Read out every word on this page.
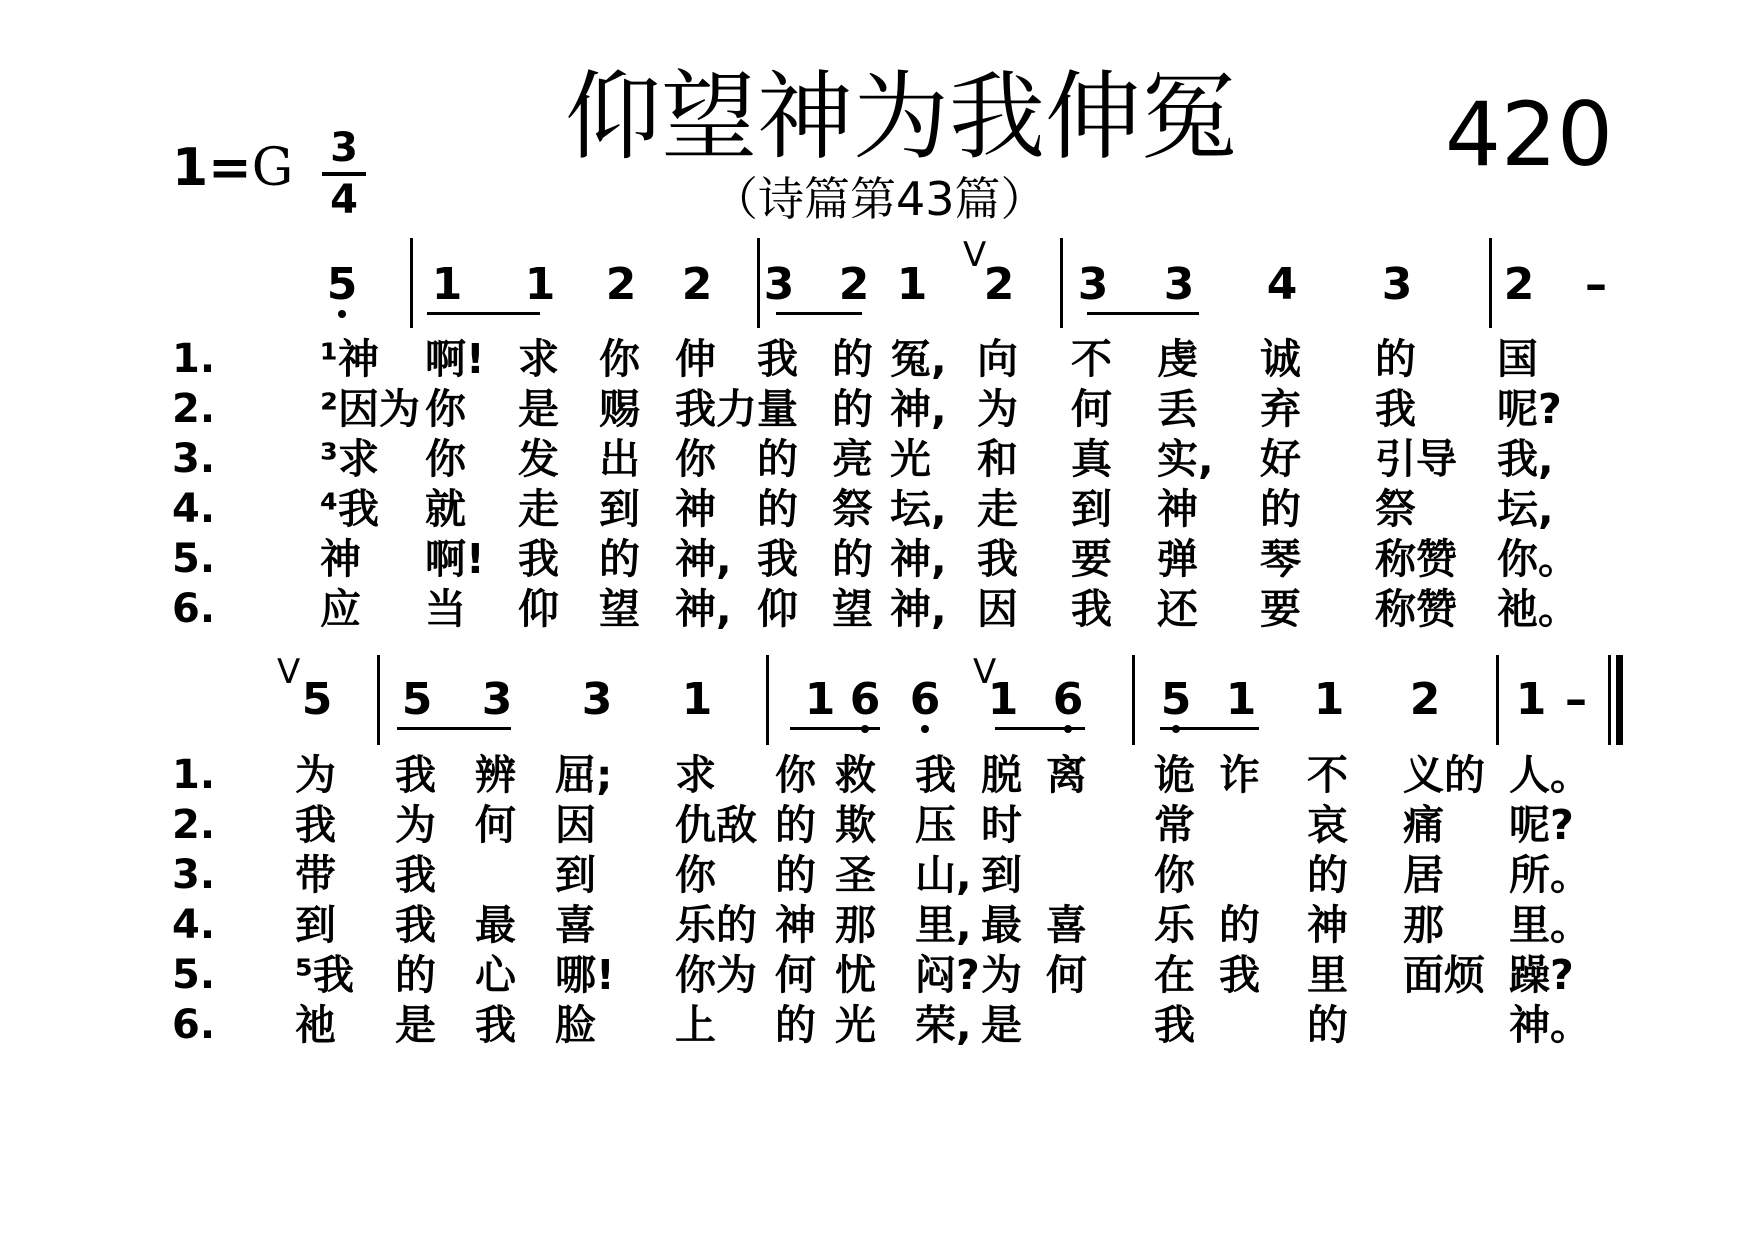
仰望神为我伸冤
（诗篇第43篇）
420
1=G 3
4
5 1 1 2 2 3 2 1 2 3 3 4 3 2 –
V
1.	¹神 啊! 求 你 伸 我 的 冤, 向 不 虔 诚 的 国
2.	²因为 你 是 赐 我力 量 的 神, 为 何 丢 弃 我 呢?
3.	³求 你 发 出 你 的 亮 光 和 真 实, 好 引导 我,
4.	⁴我 就 走 到 神 的 祭 坛, 走 到 神 的 祭 坛,
5.	神 啊! 我 的 神, 我 的 神, 我 要 弹 琴 称赞 你。
6.	应 当 仰 望 神, 仰 望 神, 因 我 还 要 称赞 祂。
5 5 3 3 1 1 6 6 1 6 5 1 1 2 1 –
V	V
1. 为 我 辨 屈; 求 你 救 我 脱 离 诡 诈 不 义的 人。
2. 我 为 何 因 仇敌 的 欺 压 时	常	哀 痛 呢?
3. 带 我	到 你 的 圣 山, 到	你	的 居 所。
4. 到 我 最 喜 乐的 神 那 里, 最 喜 乐 的 神 那 里。
5. ⁵我 的 心 哪! 你为 何 忧 闷? 为 何 在 我 里 面烦 躁?
6. 祂 是 我 脸 上 的 光 荣, 是	我	的	神。
